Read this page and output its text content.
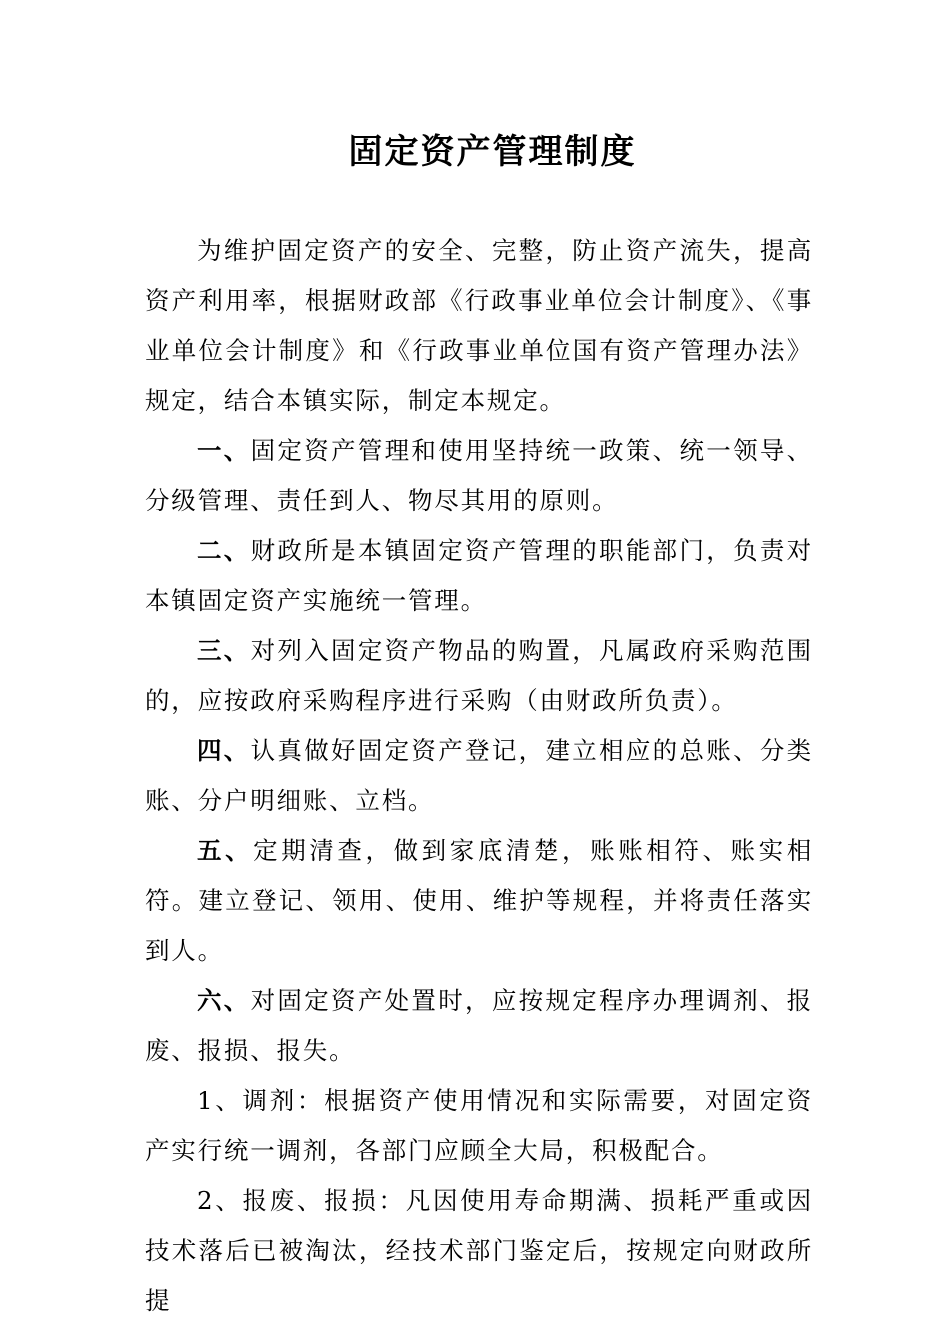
固定资产管理制度

为维护固定资产的安全、完整，防止资产流失，提高资产利用率，根据财政部《行政事业单位会计制度》、《事业单位会计制度》和《行政事业单位国有资产管理办法》规定，结合本镇实际，制定本规定。

一、固定资产管理和使用坚持统一政策、统一领导、分级管理、责任到人、物尽其用的原则。

二、财政所是本镇固定资产管理的职能部门，负责对本镇固定资产实施统一管理。

三、对列入固定资产物品的购置，凡属政府采购范围的，应按政府采购程序进行采购（由财政所负责）。

四、认真做好固定资产登记，建立相应的总账、分类账、分户明细账、立档。

五、定期清查，做到家底清楚，账账相符、账实相符。建立登记、领用、使用、维护等规程，并将责任落实到人。

六、对固定资产处置时，应按规定程序办理调剂、报废、报损、报失。

1、调剂：根据资产使用情况和实际需要，对固定资产实行统一调剂，各部门应顾全大局，积极配合。

2、报废、报损：凡因使用寿命期满、损耗严重或因技术落后已被淘汰，经技术部门鉴定后，按规定向财政所提
